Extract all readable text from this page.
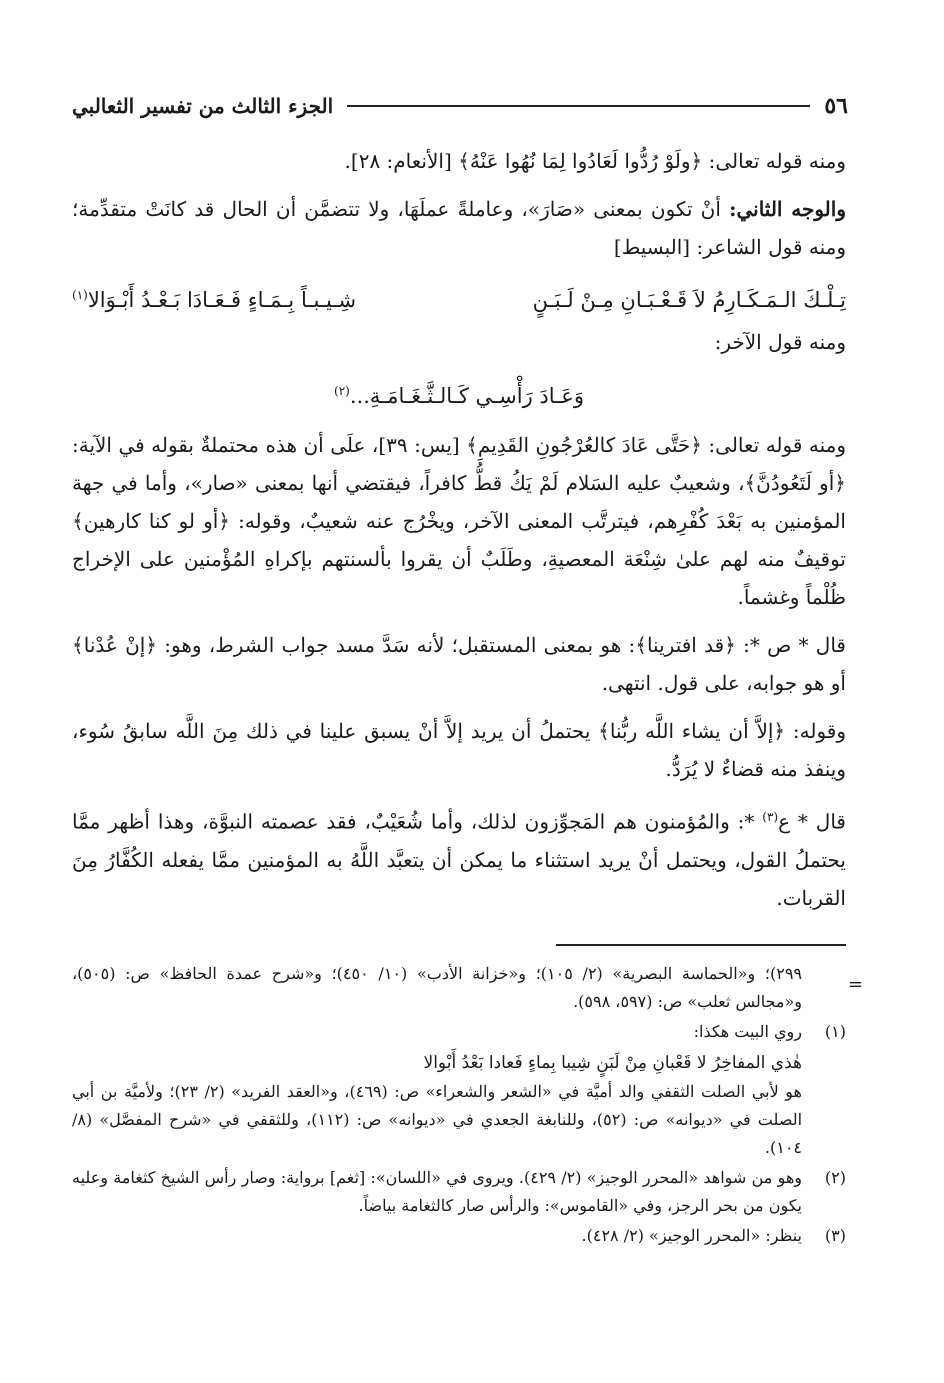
٥٦
الجزء الثالث من تفسير الثعالبي

ومنه قوله تعالى: ﴿ولَوْ رُدُّوا لَعَادُوا لِمَا نُهُوا عَنْهُ﴾ [الأنعام: ٢٨].

والوجه الثاني: أنْ تكون بمعنى «صَارَ»، وعاملةً عملَهَا، ولا تتضمَّن أن الحال قد كانَتْ متقدِّمة؛ ومنه قول الشاعر: [البسيط]

تِـلْـكَ الـمَـكَـارِمُ لاَ قَـعْـبَـانِ مِـنْ لَـبَـنٍ
شِـيـبـاً بِـمَـاءٍ فَـعَـادَا بَـعْـدُ أَبْـوَالا$^{(١)}$

ومنه قول الآخر:

وَعَـادَ رَأْسِـي كَـالـثَّـغَـامَـةِ...$^{(٢)}$

ومنه قوله تعالى: ﴿حَتَّى عَادَ كالعُرْجُونِ القَدِيمِ﴾ [يس: ٣٩]، علَى أن هذه محتملةٌ بقوله في الآية: ﴿أو لَتَعُودُنَّ﴾، وشعيبٌ عليه السَلام لَمْ يَكُ قطُّ كافراً، فيقتضي أنها بمعنى «صار»، وأما في جهة المؤمنين به بَعْدَ كُفْرِهم، فيترتَّب المعنى الآخر، ويخْرُج عنه شعيبٌ، وقوله: ﴿أو لو كنا كارهين﴾ توقيفٌ منه لهم علىٰ شِنْعَة المعصيةِ، وطَلَبٌ أن يقروا بألسنتهم بإكراهِ المُؤْمنين على الإخراج ظُلْماً وغشماً.

قال * ص *: ﴿قد افترينا﴾: هو بمعنى المستقبل؛ لأنه سَدَّ مسد جواب الشرط، وهو: ﴿إنْ عُدْنا﴾ أو هو جوابه، على قول. انتهى.

وقوله: ﴿إلاَّ أن يشاء اللَّه ربُّنا﴾ يحتملُ أن يريد إلاَّ أنْ يسبق علينا في ذلك مِنَ اللَّه سابقُ سُوء، وينفذ منه قضاءٌ لا يُرَدُّ.

قال * ع$^{(٣)}$ *: والمُؤمنون هم المَجوِّزون لذلك، وأما شُعَيْبٌ، فقد عصمته النبوَّة، وهذا أظهر ممَّا يحتملُ القول، ويحتمل أنْ يريد استثناء ما يمكن أن يتعبَّد اللَّهُ به المؤمنين ممَّا يفعله الكُفَّارُ مِنَ القربات.

=
٢٩٩)؛ و«الحماسة البصرية» (٢/ ١٠٥)؛ و«خزانة الأدب» (١٠/ ٤٥٠)؛ و«شرح عمدة الحافظ» ص: (٥٠٥)، و«مجالس ثعلب» ص: (٥٩٧، ٥٩٨).
(١)
روي البيت هكذا:
هٰذي المفاخِرُ لا قَعْبانِ مِنْ لَبَنٍ شِيبا بِماءٍ فَعادا بَعْدُ أَبْوالا
هو لأبي الصلت الثقفي والد أميَّة في «الشعر والشعراء» ص: (٤٦٩)، و«العقد الفريد» (٢/ ٢٣)؛ ولأميَّة بن أبي الصلت في «ديوانه» ص: (٥٢)، وللنابغة الجعدي في «ديوانه» ص: (١١٢)، وللثقفي في «شرح المفصَّل» (٨/ ١٠٤).
(٢)
وهو من شواهد «المحرر الوجيز» (٢/ ٤٢٩). ويروى في «اللسان»: [ثغم] برواية: وصار رأس الشيخ كثغامة وعليه يكون من بحر الرجز، وفي «القاموس»: والرأس صار كالثغامة بياضاً.
(٣)
ينظر: «المحرر الوجيز» (٢/ ٤٢٨).
